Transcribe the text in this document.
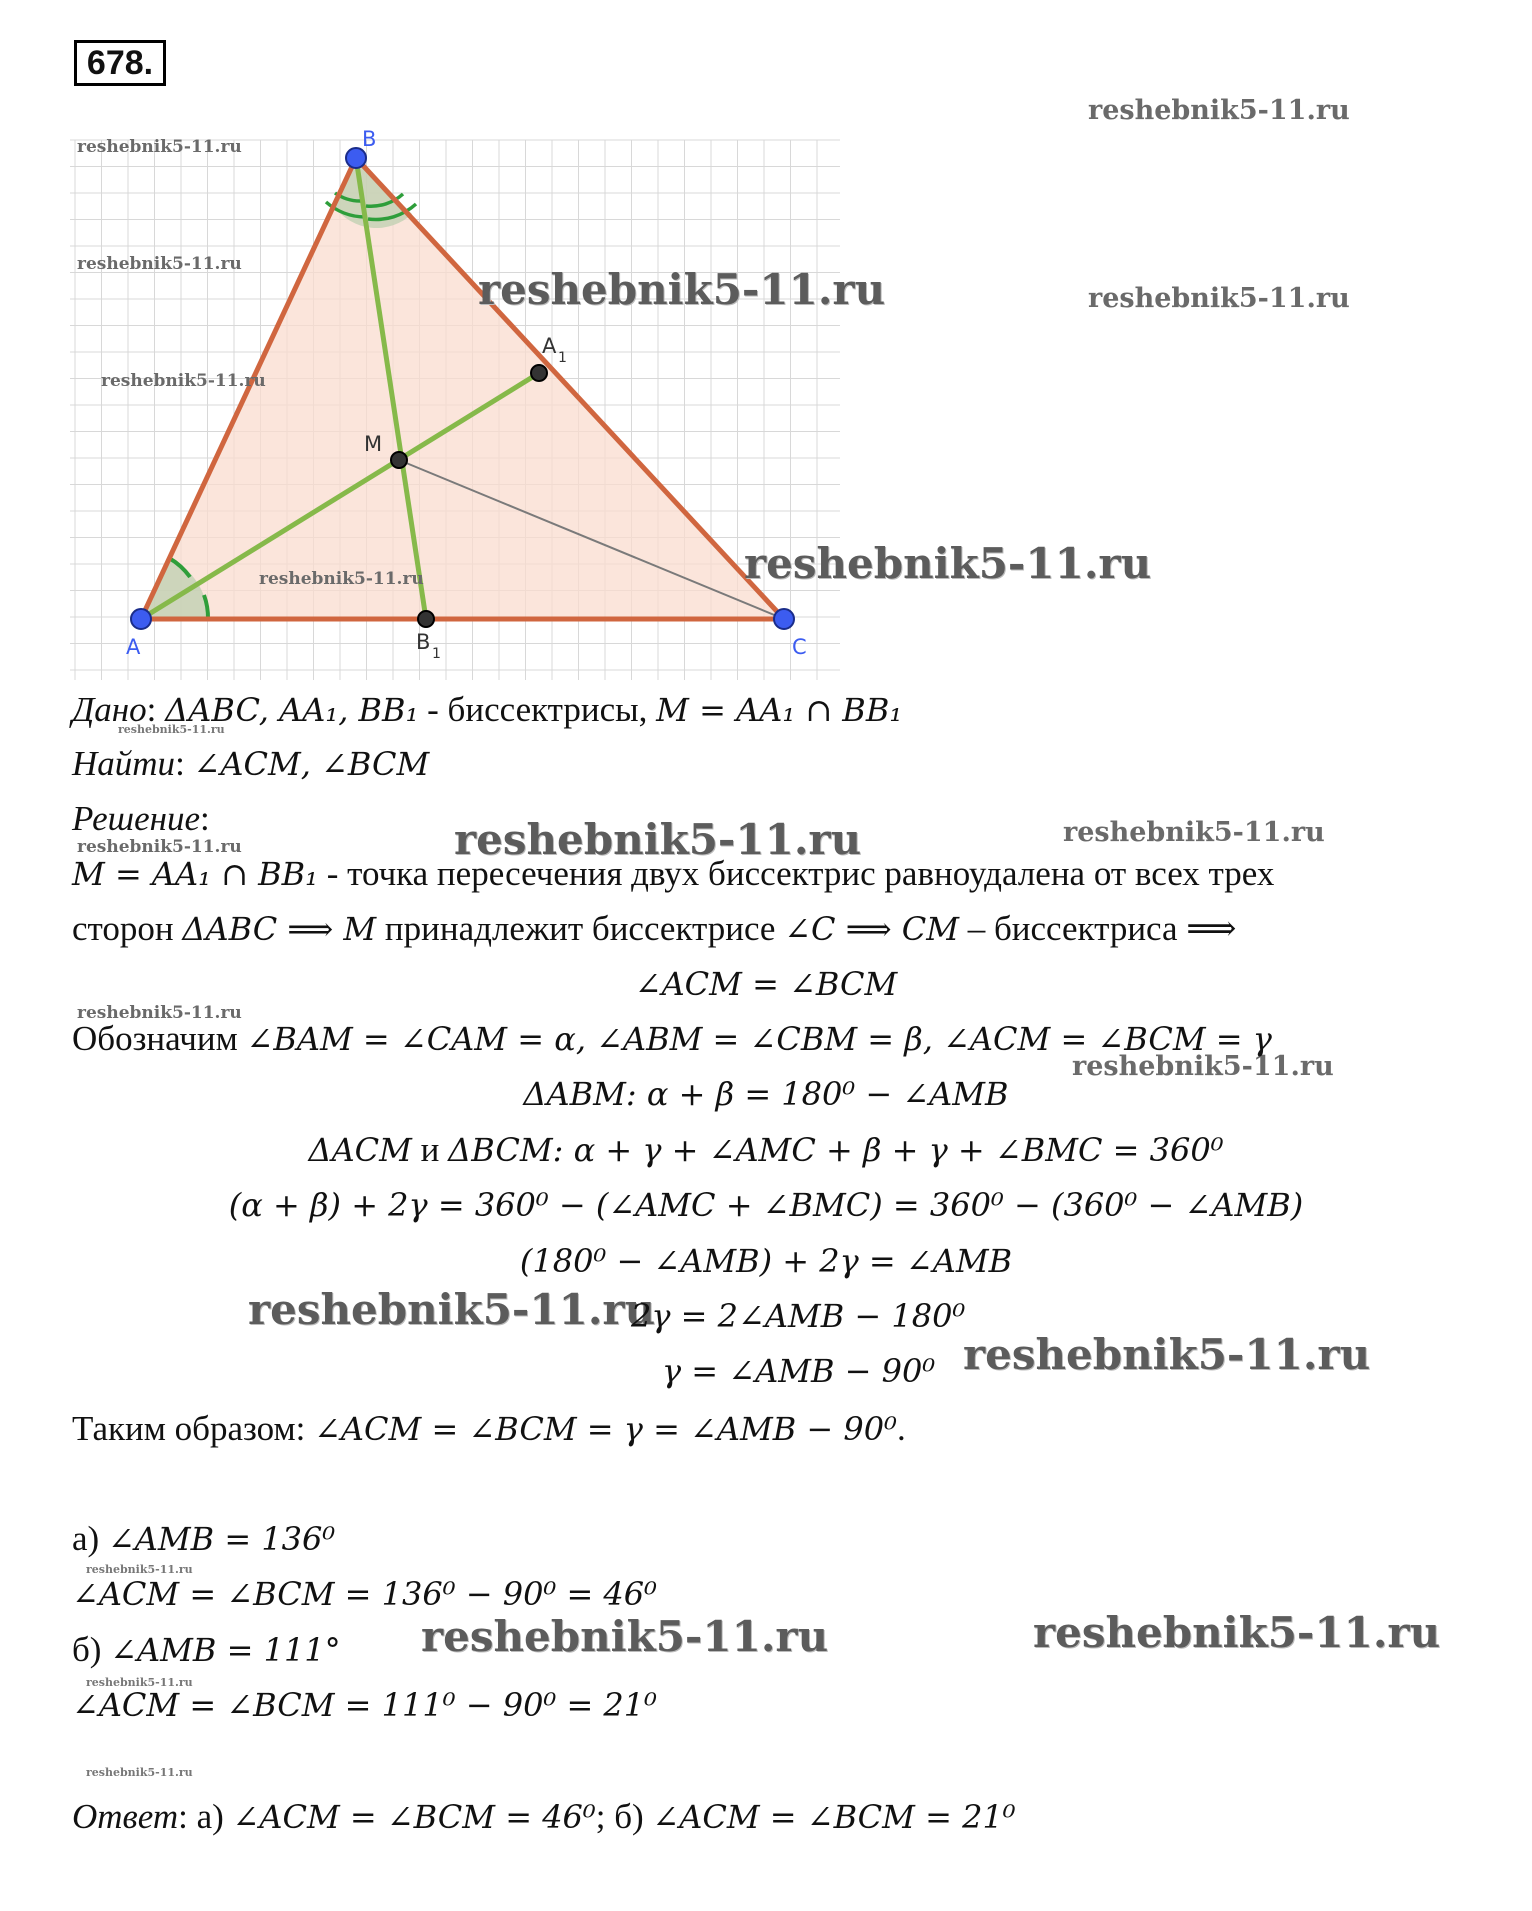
678.
A
B
C
M
A 1
B 1
reshebnik5-11.ru
reshebnik5-11.ru
reshebnik5-11.ru
reshebnik5-11.ru	reshebnik5-11.ru
reshebnik5-11.ru
reshebnik5-11.ru	reshebnik5-11.ru
reshebnik5-11.ru
reshebnik5-11.ru	reshebnik5-11.ru
reshebnik5-11.ru
reshebnik5-11.ru
reshebnik5-11.ru
reshebnik5-11.ru
reshebnik5-11.ru
reshebnik5-11.ru
reshebnik5-11.ru	reshebnik5-11.ru
reshebnik5-11.ru
reshebnik5-11.ru
Дано: ΔABC, AA₁, BB₁ - биссектрисы, M = AA₁ ∩ BB₁
Найти: ∠ACM, ∠BCM
Решение:
M = AA₁ ∩ BB₁ - точка пересечения двух биссектрис равноудалена от всех трех
сторон ΔABC ⟹ M принадлежит биссектрисе ∠C ⟹ CM – биссектриса ⟹
∠ACM = ∠BCM
Обозначим ∠BAM = ∠CAM = α, ∠ABM = ∠CBM = β, ∠ACM = ∠BCM = γ
ΔABM: α + β = 180⁰ − ∠AMB
ΔACM и ΔBCM: α + γ + ∠AMC + β + γ + ∠BMC = 360⁰
(α + β) + 2γ = 360⁰ − (∠AMC + ∠BMC) = 360⁰ − (360⁰ − ∠AMB)
(180⁰ − ∠AMB) + 2γ = ∠AMB
2γ = 2∠AMB − 180⁰
γ = ∠AMB − 90⁰
Таким образом: ∠ACM = ∠BCM = γ = ∠AMB − 90⁰.
а) ∠AMB = 136⁰
∠ACM = ∠BCM = 136⁰ − 90⁰ = 46⁰
б) ∠AMB = 111°
∠ACM = ∠BCM = 111⁰ − 90⁰ = 21⁰
Ответ: а) ∠ACM = ∠BCM = 46⁰; б) ∠ACM = ∠BCM = 21⁰
